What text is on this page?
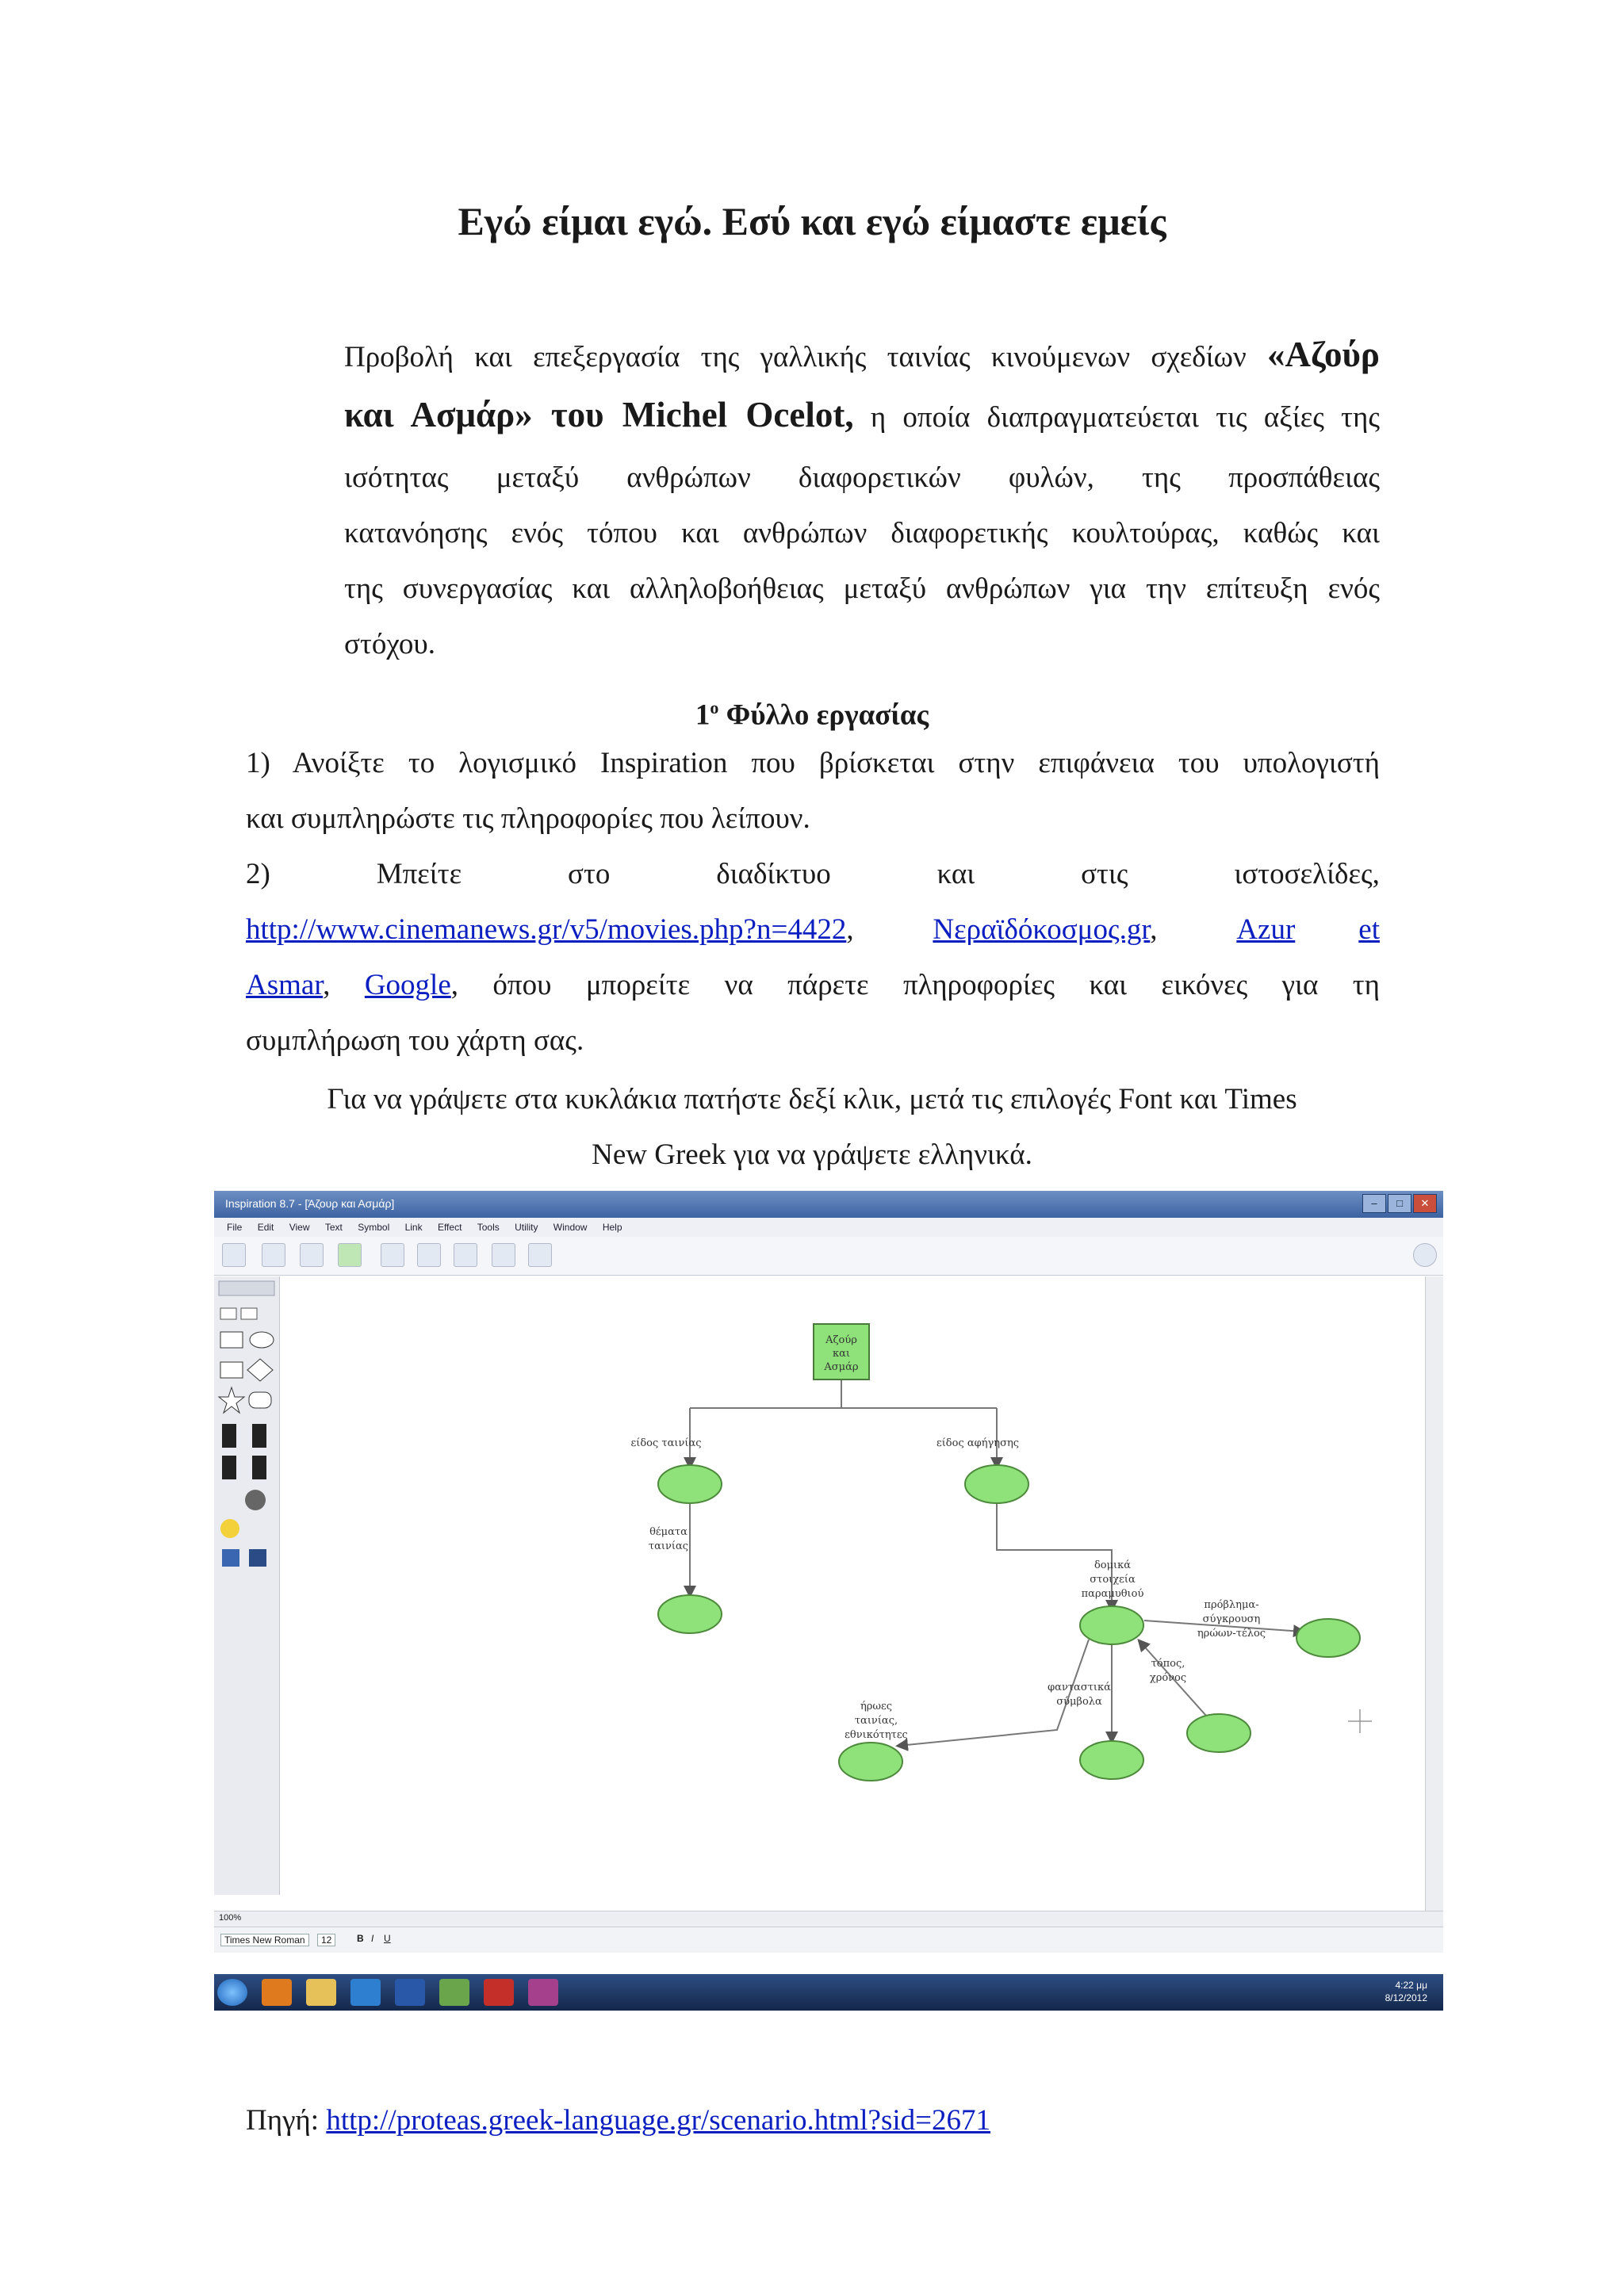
Εγώ είμαι εγώ. Εσύ και εγώ είμαστε εμείς
Προβολή και επεξεργασία της γαλλικής ταινίας κινούμενων σχεδίων «Αζούρ
και Ασμάρ» του Michel Ocelot, η οποία διαπραγματεύεται τις αξίες της
ισότητας μεταξύ ανθρώπων διαφορετικών φυλών, της προσπάθειας
κατανόησης ενός τόπου και ανθρώπων διαφορετικής κουλτούρας, καθώς και
της συνεργασίας και αλληλοβοήθειας μεταξύ ανθρώπων για την επίτευξη ενός
στόχου.
$1^o$ Φύλλο εργασίας
1) Ανοίξτε το λογισμικό Inspiration που βρίσκεται στην επιφάνεια του υπολογιστή
και συμπληρώστε τις πληροφορίες που λείπουν.
2)	Μπείτε	στο	διαδίκτυο	και	στις	ιστοσελίδες,
http://www.cinemanews.gr/v5/movies.php?n=4422,	Νεραϊδόκοσμος.gr,	Azur et
Asmar, Google, όπου μπορείτε να πάρετε πληροφορίες και εικόνες για τη
συμπλήρωση του χάρτη σας.
Για να γράψετε στα κυκλάκια πατήστε δεξί κλικ, μετά τις επιλογές Font και Times
New Greek για να γράψετε ελληνικά.
Inspiration 8.7 - [Άζουρ και Ασμάρ]	–	□	✕
File Edit View Text Symbol Link Effect Tools Utility Window Help
Αζούρ
και
Ασμάρ
είδος ταινίας	είδος αφήγησης
θέματα
ταινίας
δομικά
στοιχεία
παραμυθιού
πρόβλημα-
σύγκρουση
ηρώων-τέλος
τόπος,
χρόνος
φανταστικά
σύμβολα
ήρωες
ταινίας,
εθνικότητες
100%
Times New Roman	12	B I U
4:22 μμ
8/12/2012
Πηγή: http://proteas.greek-language.gr/scenario.html?sid=2671
